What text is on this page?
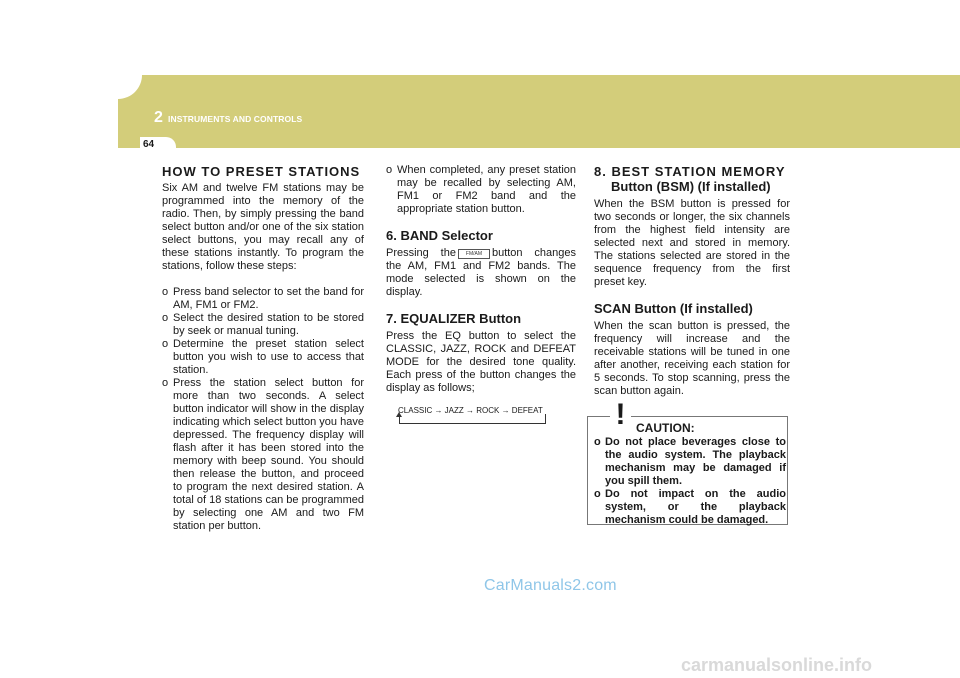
2 INSTRUMENTS AND CONTROLS
64

HOW TO PRESET STATIONS

Six AM and twelve FM stations may be programmed into the memory of the radio. Then, by simply pressing the band select button and/or one of the six station select buttons, you may recall any of these stations instantly. To program the stations, follow these steps:

o Press band selector to set the band for AM, FM1 or FM2.
o Select the desired station to be stored by seek or manual tuning.
o Determine the preset station select button you wish to use to access that station.
o Press the station select button for more than two seconds. A select button indicator will show in the display indicating which select button you have depressed. The frequency display will flash after it has been stored into the memory with beep sound. You should then release the button, and proceed to program the next desired station. A total of 18 stations can be programmed by selecting one AM and two FM station per button.
o When completed, any preset station may be recalled by selecting AM, FM1 or FM2 band and the appropriate station button.

6. BAND Selector

Pressing the FM/AM button changes the AM, FM1 and FM2 bands. The mode selected is shown on the display.

7. EQUALIZER Button

Press the EQ button to select the CLASSIC, JAZZ, ROCK and DEFEAT MODE for the desired tone quality. Each press of the button changes the display as follows;

CLASSIC → JAZZ → ROCK → DEFEAT

8. BEST STATION MEMORY

Button (BSM) (If installed)

When the BSM button is pressed for two seconds or longer, the six channels from the highest field intensity are selected next and stored in memory. The stations selected are stored in the sequence frequency from the first preset key.

SCAN Button (If installed)

When the scan button is pressed, the frequency will increase and the receivable stations will be tuned in one after another, receiving each station for 5 seconds. To stop scanning, press the scan button again.

! CAUTION:
o Do not place beverages close to the audio system. The playback mechanism may be damaged if you spill them.
o Do not impact on the audio system, or the playback mechanism could be damaged.
CarManuals2.com
carmanualsonline.info
